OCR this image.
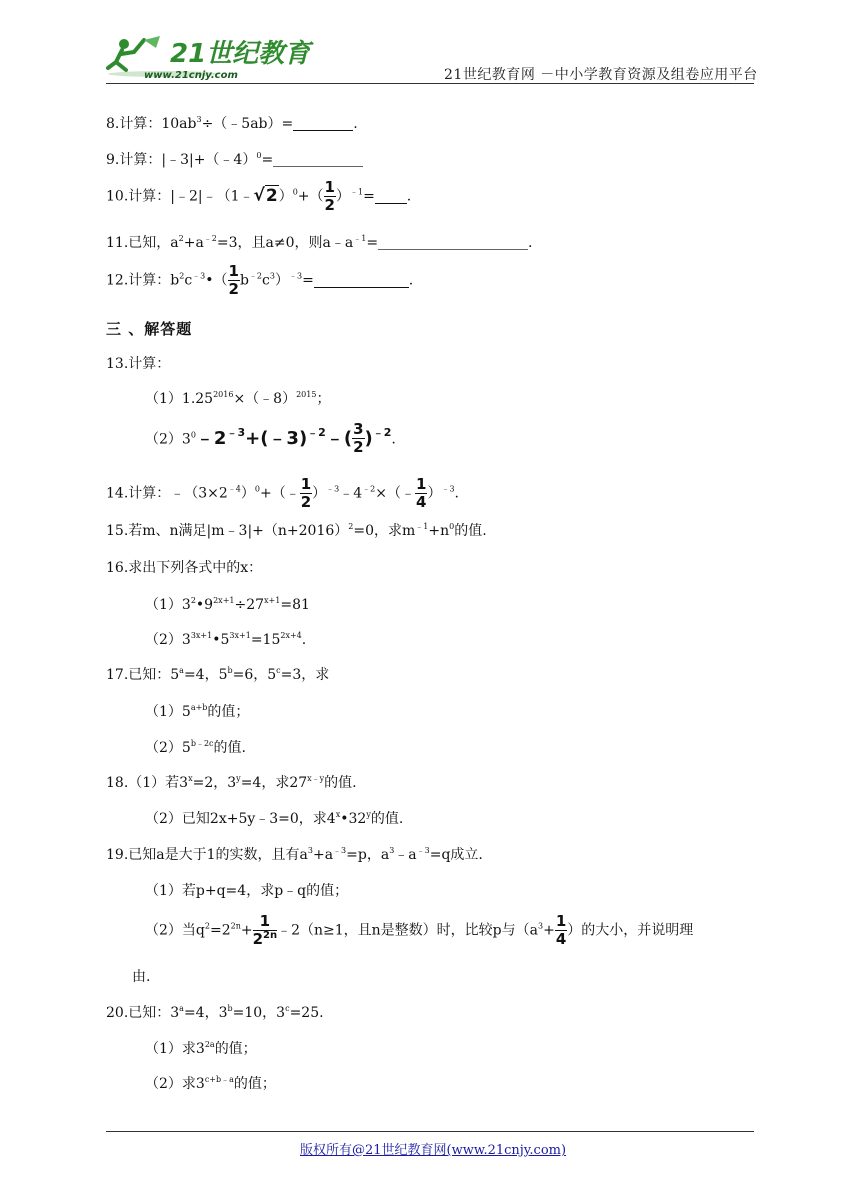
21世纪教育
www.21cnjy.com	21世纪教育网 －中小学教育资源及组卷应用平台
8.计算：$10ab^3\div(﹣5ab)=$	.
9.计算：|﹣3|+（﹣4）$^0$=
10.计算：|﹣2|﹣（1﹣√2）$^0$+（ $\frac{1}{2} )^{﹣1}=$ .
11.已知，$a^2+a^{﹣2}=3$，且a≠0，则$a﹣a^{﹣1}=$	.
12.计算：$b^2c^{﹣3}•( \frac{1}{2} b^{﹣2}c^3)^{﹣3}=$	.
三 、解答题
13.计算：
$(1)1.25^{2016}\times(﹣8)^{2015}$；
$(2)3^0﹣2^{﹣3}+(﹣3)^{﹣2}﹣( \frac{3}{2} )^{﹣2}$.
14.计算：$﹣(3\times 2^{﹣4})^0+(﹣ \frac{1}{2}$ ）$^{﹣3}﹣4^{﹣2}\times(﹣ \frac{1}{4} )^{﹣3}$.
15.若m、n满足$|m﹣3|+(n+2016)^2=0$，求$m^{﹣1}+n^0$的值.
16.求出下列各式中的x：
$(1)3^2•9^{2x+1}\div 27^{x+1}=81$
$(2)3^{3x+1}•5^{3x+1}=15^{2x+4}$.
17.已知：$5^a=4$，$5^b=6$，$5^c=3$，求
$(1)5^{a+b}$的值；
$(2)5^{b﹣2c}$的值.
18.（1）若$3^x=2$，$3^y=4$，求$27^{x﹣y}$的值.
（2）已知2x+5y﹣3=0，求4$^x$•32$^y$的值.
19.已知a是大于1的实数，且有$a^3+a^{﹣3}=p$，$a^3﹣a^{﹣3}=q$成立.
（1）若p+q=4，求p﹣q的值；
（2）当$q^2=2^{2n}+ \frac{1}{2^{2n}}$ ﹣2（n≥1，且n是整数）时，比较p与（$a^3+ \frac{1}{4}$ ）的大小，并说明理
由.
20.已知：$3^a=4$，$3^b=10$，$3^c=25$.
（1）求$3^{2a}$的值；
（2）求$3^{c+b﹣a}$的值；
版权所有@21世纪教育网(www.21cnjy.com)
